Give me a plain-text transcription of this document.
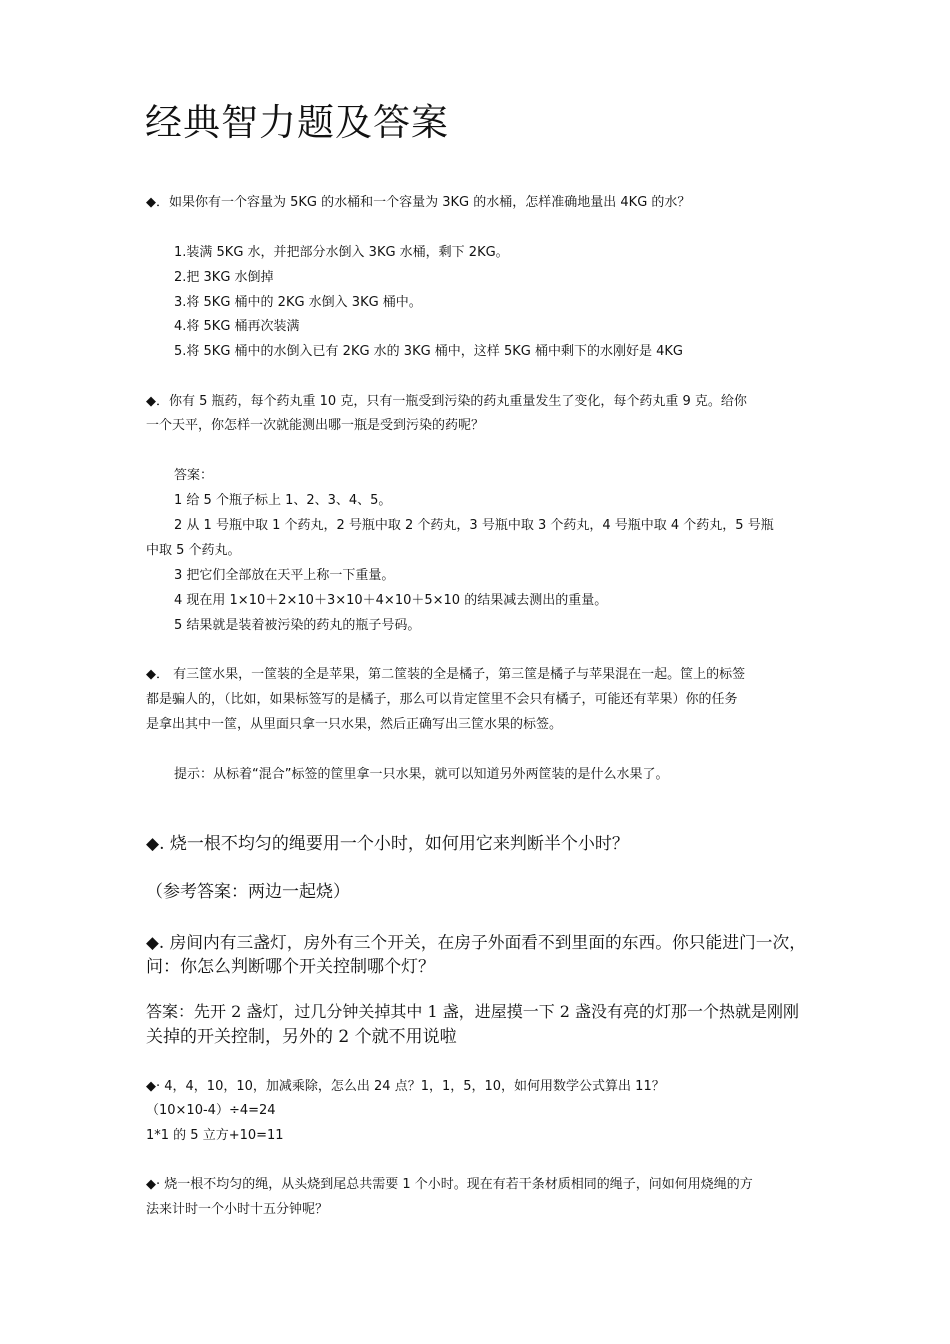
经典智力题及答案
◆．如果你有一个容量为 5KG 的水桶和一个容量为 3KG 的水桶，怎样准确地量出 4KG 的水？
1.装满 5KG 水，并把部分水倒入 3KG 水桶，剩下 2KG。
2.把 3KG 水倒掉
3.将 5KG 桶中的 2KG 水倒入 3KG 桶中。
4.将 5KG 桶再次装满
5.将 5KG 桶中的水倒入已有 2KG 水的 3KG 桶中，这样 5KG 桶中剩下的水刚好是 4KG
◆．你有 5 瓶药，每个药丸重 10 克，只有一瓶受到污染的药丸重量发生了变化，每个药丸重 9 克。给你
一个天平，你怎样一次就能测出哪一瓶是受到污染的药呢？
答案：
1 给 5 个瓶子标上 1、2、3、4、5。
2 从 1 号瓶中取 1 个药丸，2 号瓶中取 2 个药丸，3 号瓶中取 3 个药丸，4 号瓶中取 4 个药丸，5 号瓶
中取 5 个药丸。
3 把它们全部放在天平上称一下重量。
4 现在用 1×10＋2×10＋3×10＋4×10＋5×10 的结果减去测出的重量。
5 结果就是装着被污染的药丸的瓶子号码。
◆． 有三筐水果，一筐装的全是苹果，第二筐装的全是橘子，第三筐是橘子与苹果混在一起。筐上的标签
都是骗人的，（比如，如果标签写的是橘子，那么可以肯定筐里不会只有橘子，可能还有苹果）你的任务
是拿出其中一筐，从里面只拿一只水果，然后正确写出三筐水果的标签。
提示：从标着“混合”标签的筐里拿一只水果，就可以知道另外两筐装的是什么水果了。
◆. 烧一根不均匀的绳要用一个小时，如何用它来判断半个小时？
（参考答案：两边一起烧）
◆. 房间内有三盏灯，房外有三个开关，在房子外面看不到里面的东西。你只能进门一次，
问：你怎么判断哪个开关控制哪个灯？
答案：先开 2 盏灯，过几分钟关掉其中 1 盏，进屋摸一下 2 盏没有亮的灯那一个热就是刚刚
关掉的开关控制，另外的 2 个就不用说啦
◆· 4，4，10，10，加减乘除，怎么出 24 点？1，1，5，10，如何用数学公式算出 11？
（10×10-4）÷4=24
1*1 的 5 立方+10=11
◆· 烧一根不均匀的绳，从头烧到尾总共需要 1 个小时。现在有若干条材质相同的绳子，问如何用烧绳的方
法来计时一个小时十五分钟呢？
